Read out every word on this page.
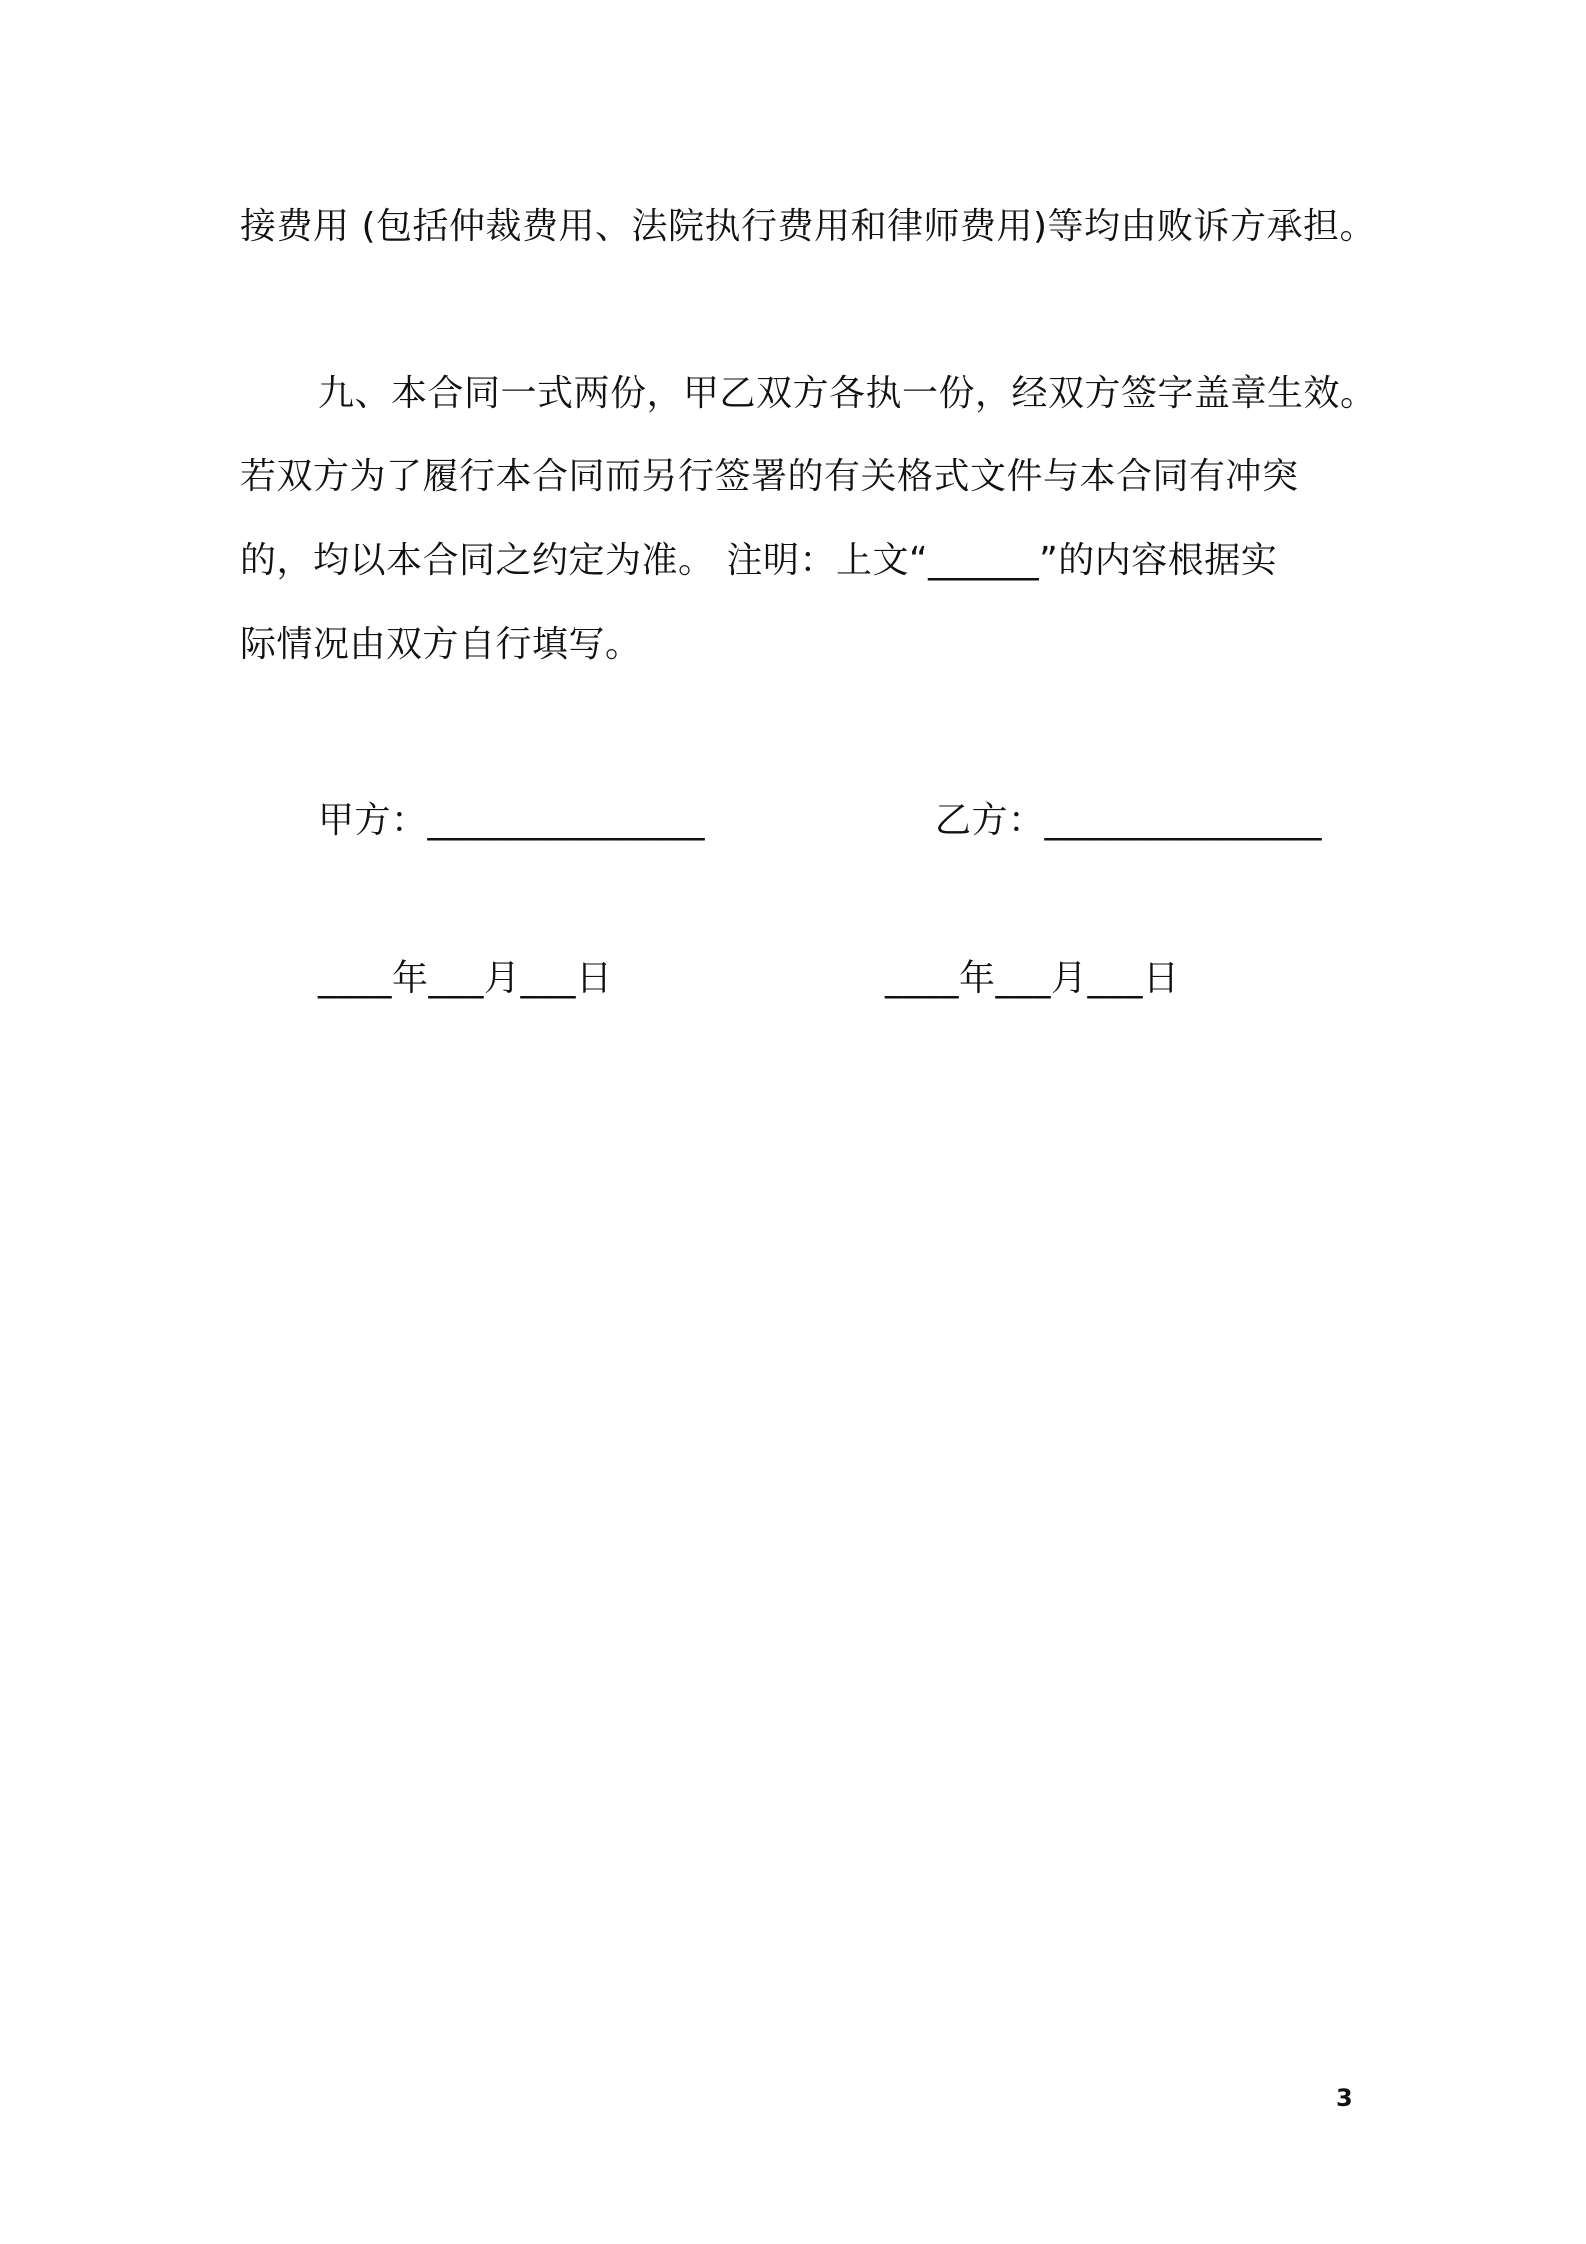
接费用 (包括仲裁费用、法院执行费用和律师费用)等均由败诉方承担。
九、本合同一式两份，甲乙双方各执一份，经双方签字盖章生效。
若双方为了履行本合同而另行签署的有关格式文件与本合同有冲突
的，均以本合同之约定为准。 注明：上文“______”的内容根据实
际情况由双方自行填写。
甲方：_______________	乙方：_______________
____年___月___日	____年___月___日
3
